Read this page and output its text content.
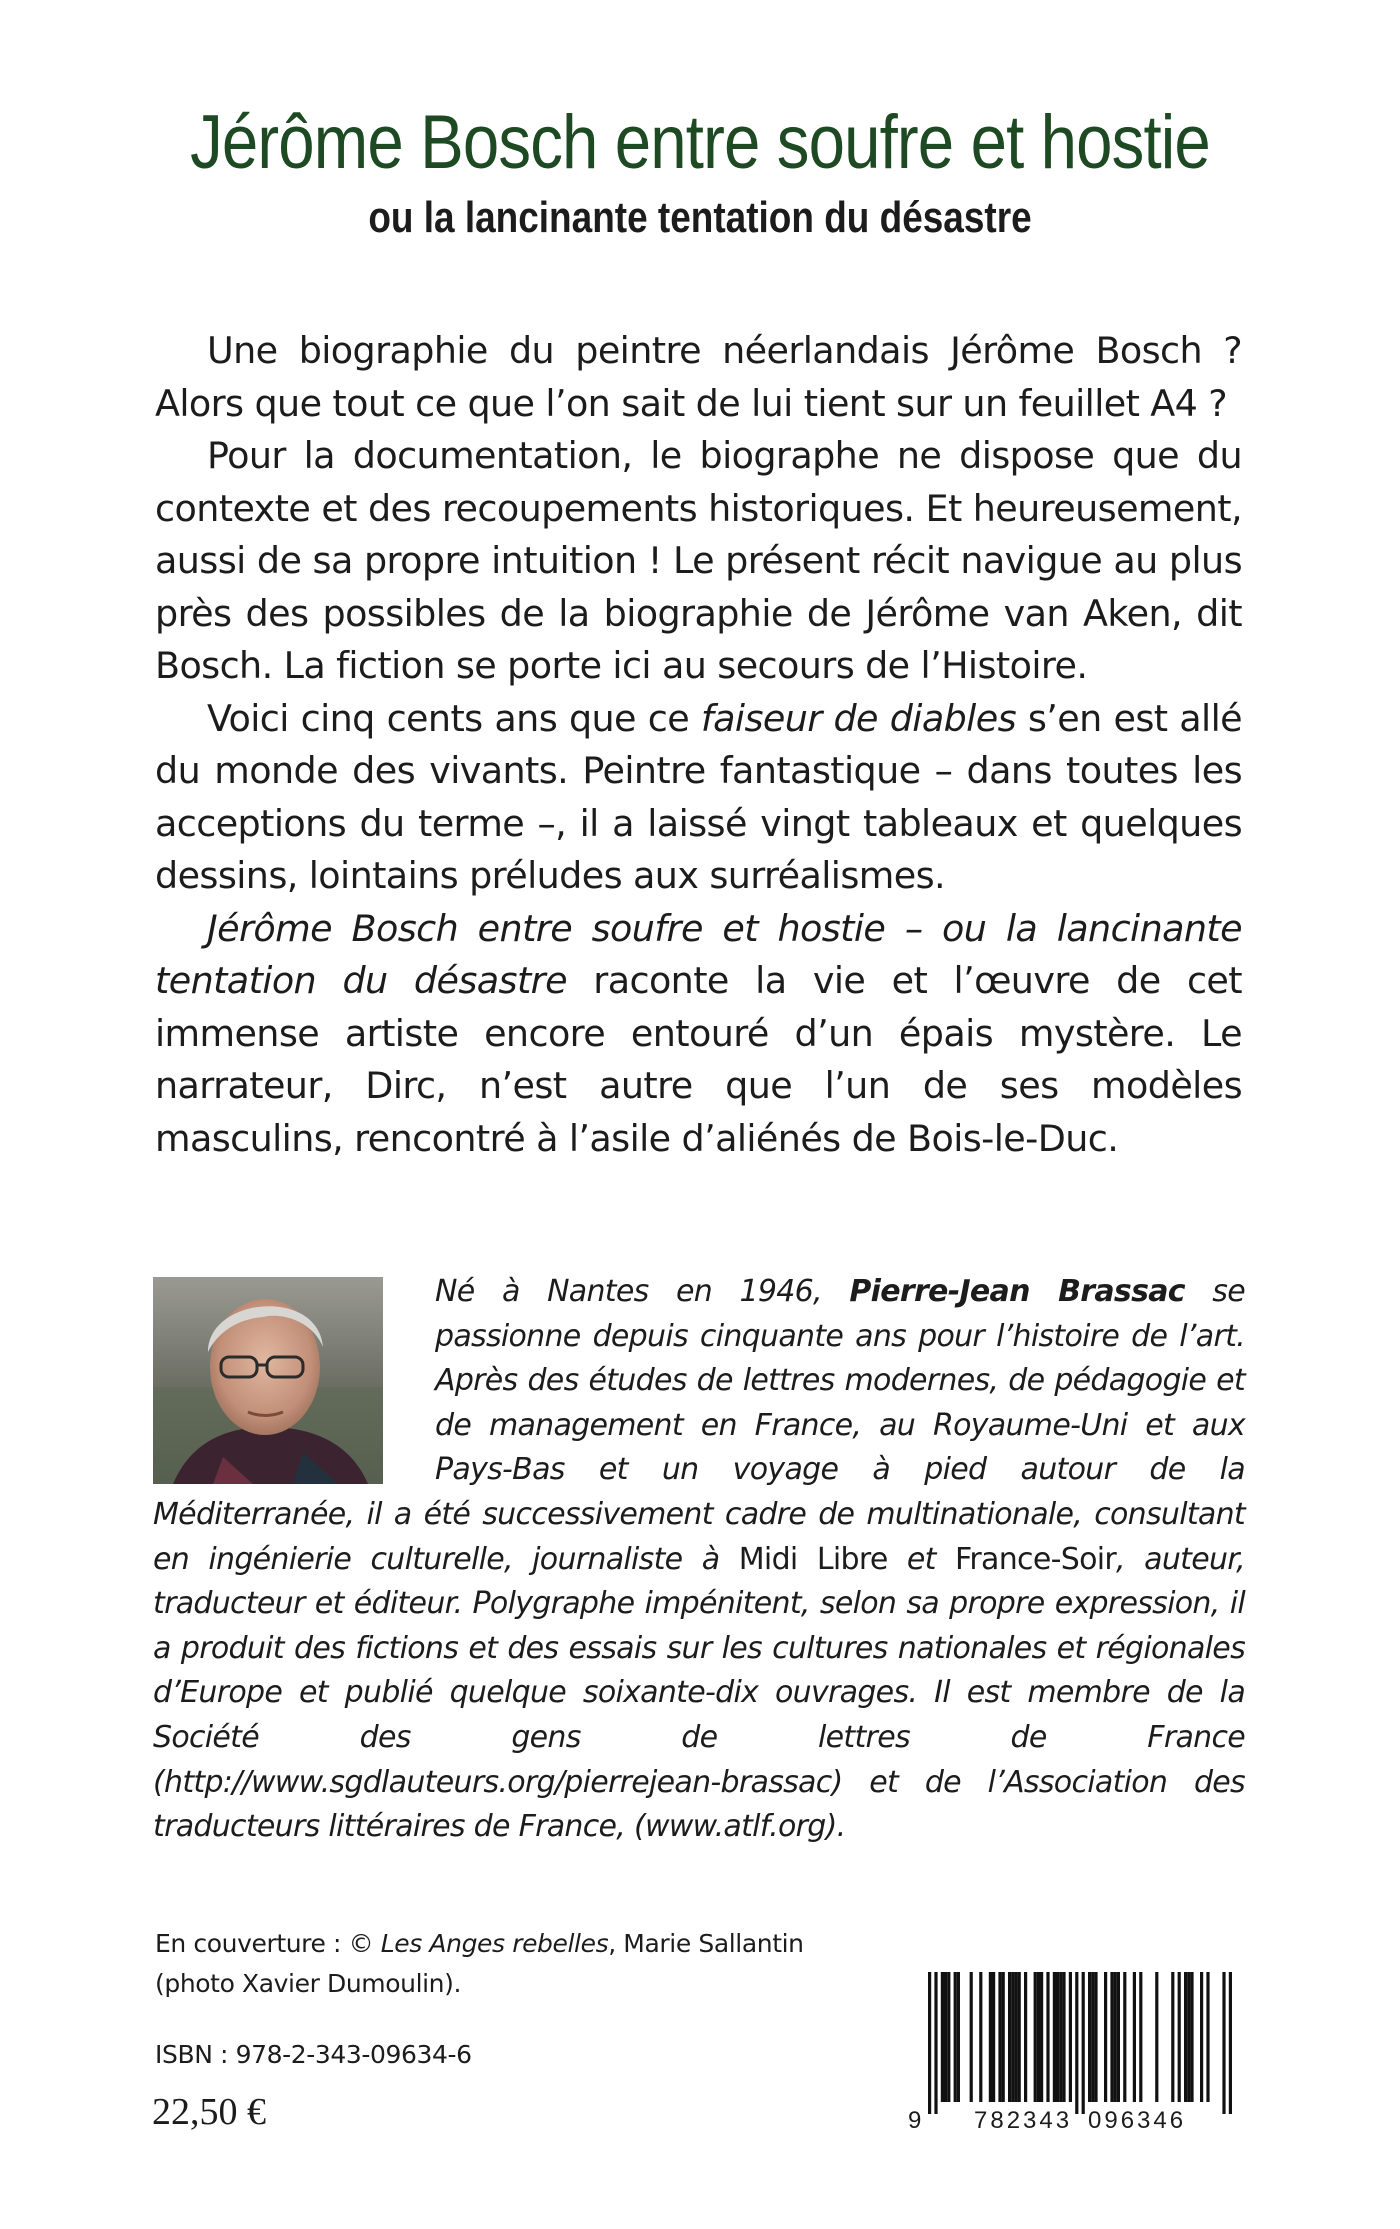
Jérôme Bosch entre soufre et hostie
ou la lancinante tentation du désastre

Une biographie du peintre néerlandais Jérôme Bosch ? Alors que tout ce que l’on sait de lui tient sur un feuillet A4 ?

Pour la documentation, le biographe ne dispose que du contexte et des recoupements historiques. Et heureusement, aussi de sa propre intuition ! Le présent récit navigue au plus près des possibles de la biographie de Jérôme van Aken, dit Bosch. La fiction se porte ici au secours de l’Histoire.

Voici cinq cents ans que ce faiseur de diables s’en est allé du monde des vivants. Peintre fantastique – dans toutes les acceptions du terme –, il a laissé vingt tableaux et quelques dessins, lointains préludes aux surréalismes.

Jérôme Bosch entre soufre et hostie – ou la lancinante tentation du désastre raconte la vie et l’œuvre de cet immense artiste encore entouré d’un épais mystère. Le narrateur, Dirc, n’est autre que l’un de ses modèles masculins, rencontré à l’asile d’aliénés de Bois-le-Duc.

Né à Nantes en 1946, Pierre-Jean Brassac se passionne depuis cinquante ans pour l’histoire de l’art. Après des études de lettres modernes, de pédagogie et de management en France, au Royaume-Uni et aux Pays-Bas et un voyage à pied autour de la Méditerranée, il a été successivement cadre de multinationale, consultant en ingénierie culturelle, journaliste à Midi Libre et France-Soir, auteur, traducteur et éditeur. Polygraphe impénitent, selon sa propre expression, il a produit des fictions et des essais sur les cultures nationales et régionales d’Europe et publié quelque soixante-dix ouvrages. Il est membre de la Société des gens de lettres de France (http://www.sgdlauteurs.org/pierrejean-brassac) et de l’Association des traducteurs littéraires de France, (www.atlf.org).

En couverture : © Les Anges rebelles, Marie Sallantin
(photo Xavier Dumoulin).
ISBN : 978-2-343-09634-6
22,50 €	9 782343 096346
